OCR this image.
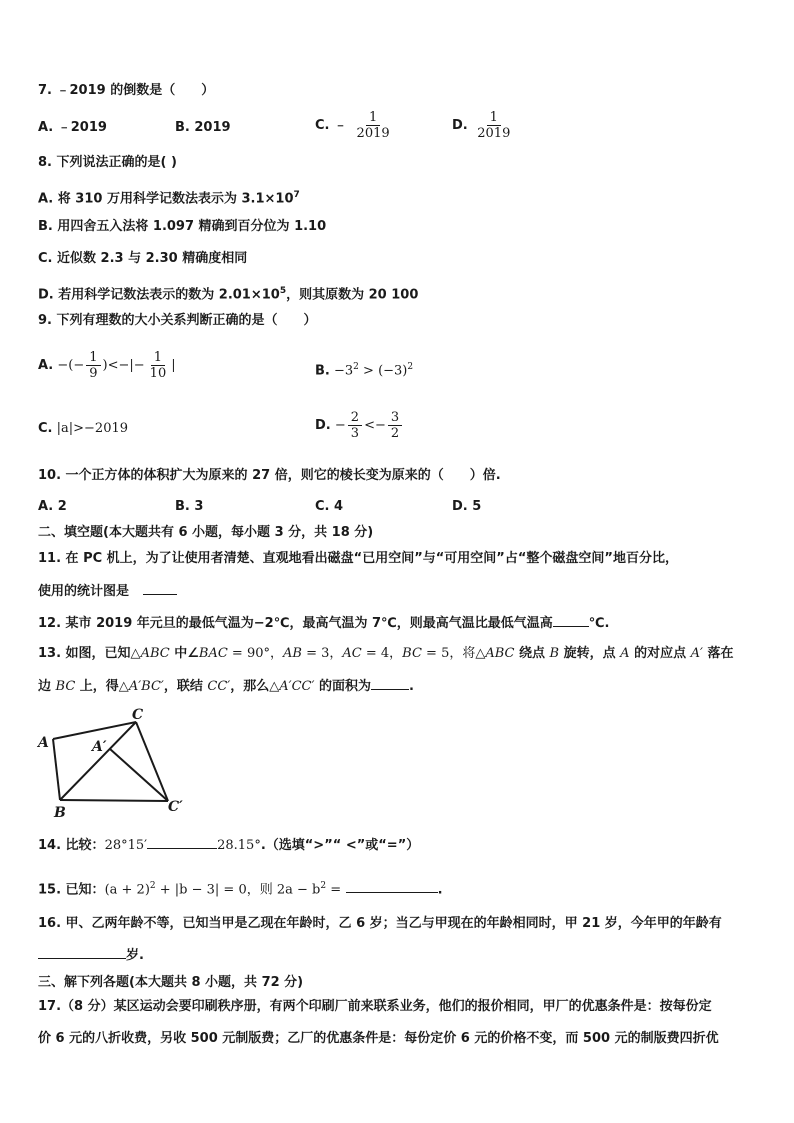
7. ﹣2019 的倒数是（　　）
A. ﹣2019	B. 2019	C. ﹣ $\frac{1}{2019}$	D. $\frac{1}{2019}$
8. 下列说法正确的是( )
A. 将 310 万用科学记数法表示为 $3.1\times 10^7$
B. 用四舍五入法将 1.097 精确到百分位为 1.10
C. 近似数 2.3 与 2.30 精确度相同
D. 若用科学记数法表示的数为 $2.01\times 10^5$，则其原数为 20 100
9. 下列有理数的大小关系判断正确的是（　　）
A. −(− $\frac{1}{9}$ )<−|− $\frac{1}{10}$ |	B. $-3^2 > (-3)^2$
C. |a|>−2019	D. − $\frac{2}{3} <- \frac{3}{2}$
10. 一个正方体的体积扩大为原来的 27 倍，则它的棱长变为原来的（　　）倍.
A. 2	B. 3	C. 4	D. 5
二、填空题(本大题共有 6 小题，每小题 3 分，共 18 分)
11. 在 PC 机上，为了让使用者清楚、直观地看出磁盘“已用空间”与“可用空间”占“整个磁盘空间”地百分比，
使用的统计图是
12. 某市 2019 年元旦的最低气温为−2℃，最高气温为 7℃，则最高气温比最低气温高	℃.
13. 如图，已知△ABC 中∠BAC = 90°，AB = 3，AC = 4，BC = 5，将△ABC 绕点 B 旋转，点 A 的对应点 A′ 落在
边 BC 上，得△A′BC′，联结 CC′，那么△A′CC′ 的面积为	.
A
C
A′
B	C′
14. 比较：28°15′	28.15°.（选填“>”“ <”或“=”）
15. 已知：$(a + 2)^2 + |b - 3| = 0$，则 $2a - b^2$ =	.
16. 甲、乙两年龄不等，已知当甲是乙现在年龄时，乙 6 岁；当乙与甲现在的年龄相同时，甲 21 岁，今年甲的年龄有
岁.
三、解下列各题(本大题共 8 小题，共 72 分)
17.（8 分）某区运动会要印刷秩序册，有两个印刷厂前来联系业务，他们的报价相同，甲厂的优惠条件是：按每份定
价 6 元的八折收费，另收 500 元制版费；乙厂的优惠条件是：每份定价 6 元的价格不变，而 500 元的制版费四折优
